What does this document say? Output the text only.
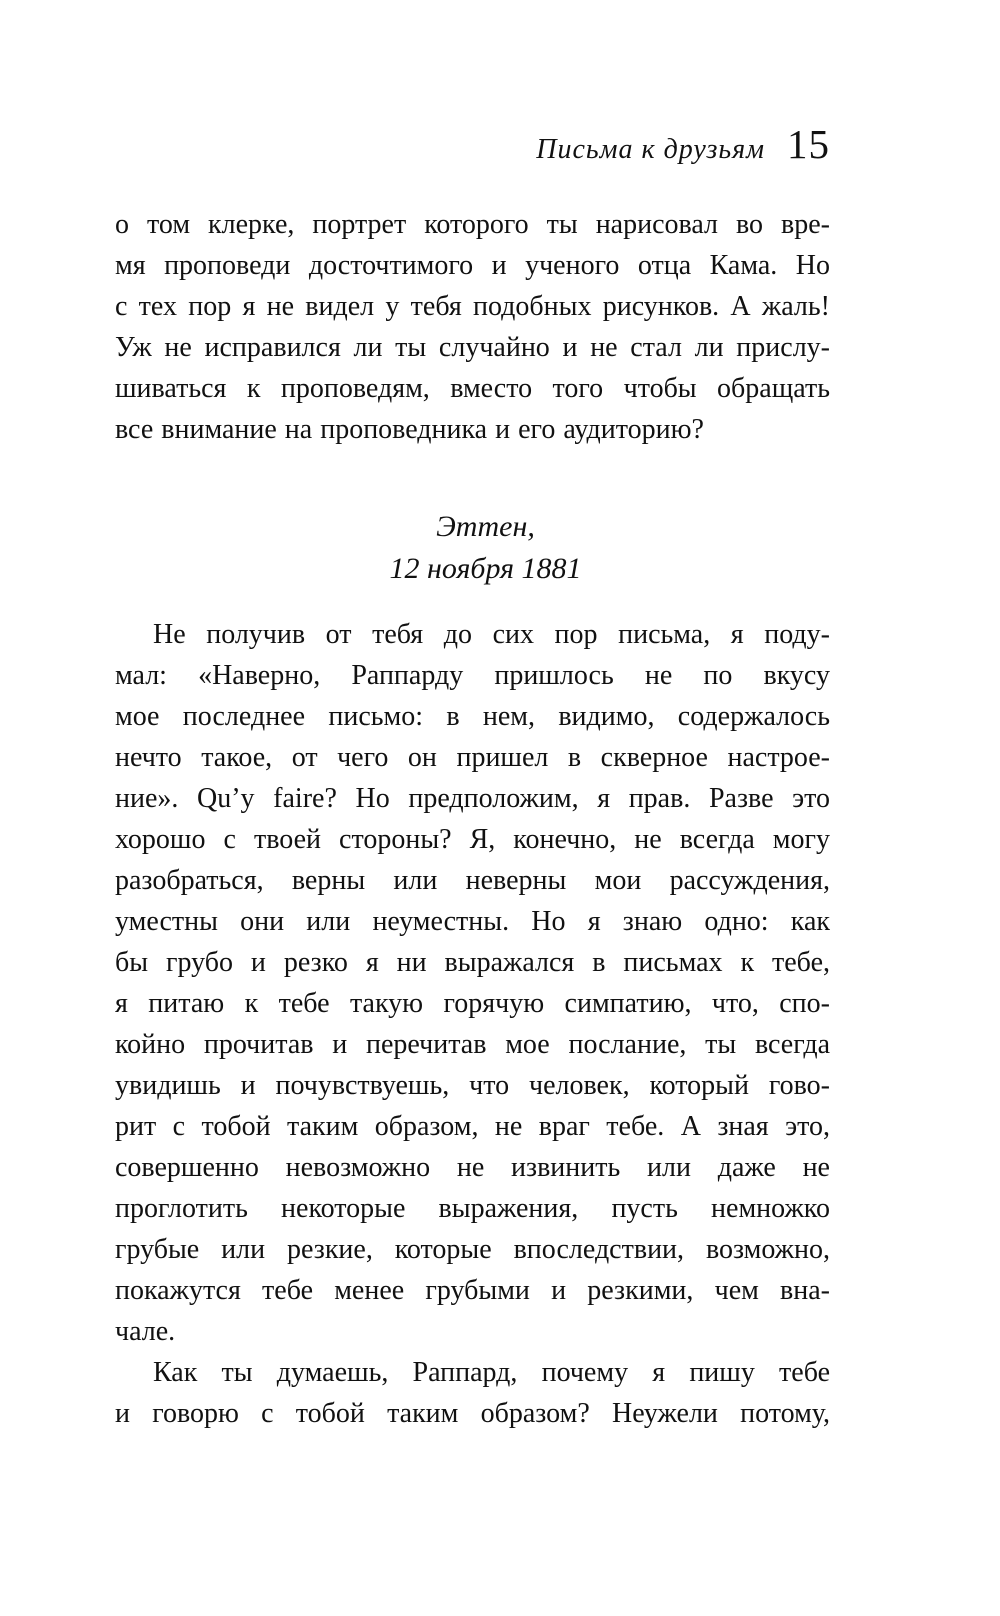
Письма к друзьям 15
о том клерке, портрет которого ты нарисовал во вре-
мя проповеди досточтимого и ученого отца Кама. Но
с тех пор я не видел у тебя подобных рисунков. А жаль!
Уж не исправился ли ты случайно и не стал ли прислу-
шиваться к проповедям, вместо того чтобы обращать
все внимание на проповедника и его аудиторию?
Эттен,
12 ноября 1881
Не получив от тебя до сих пор письма, я поду-
мал: «Наверно, Раппарду пришлось не по вкусу
мое последнее письмо: в нем, видимо, содержалось
нечто такое, от чего он пришел в скверное настрое-
ние». Qu’y faire? Но предположим, я прав. Разве это
хорошо с твоей стороны? Я, конечно, не всегда могу
разобраться, верны или неверны мои рассуждения,
уместны они или неуместны. Но я знаю одно: как
бы грубо и резко я ни выражался в письмах к тебе,
я питаю к тебе такую горячую симпатию, что, спо-
койно прочитав и перечитав мое послание, ты всегда
увидишь и почувствуешь, что человек, который гово-
рит с тобой таким образом, не враг тебе. А зная это,
совершенно невозможно не извинить или даже не
проглотить некоторые выражения, пусть немножко
грубые или резкие, которые впоследствии, возможно,
покажутся тебе менее грубыми и резкими, чем вна-
чале.
Как ты думаешь, Раппард, почему я пишу тебе
и говорю с тобой таким образом? Неужели потому,
